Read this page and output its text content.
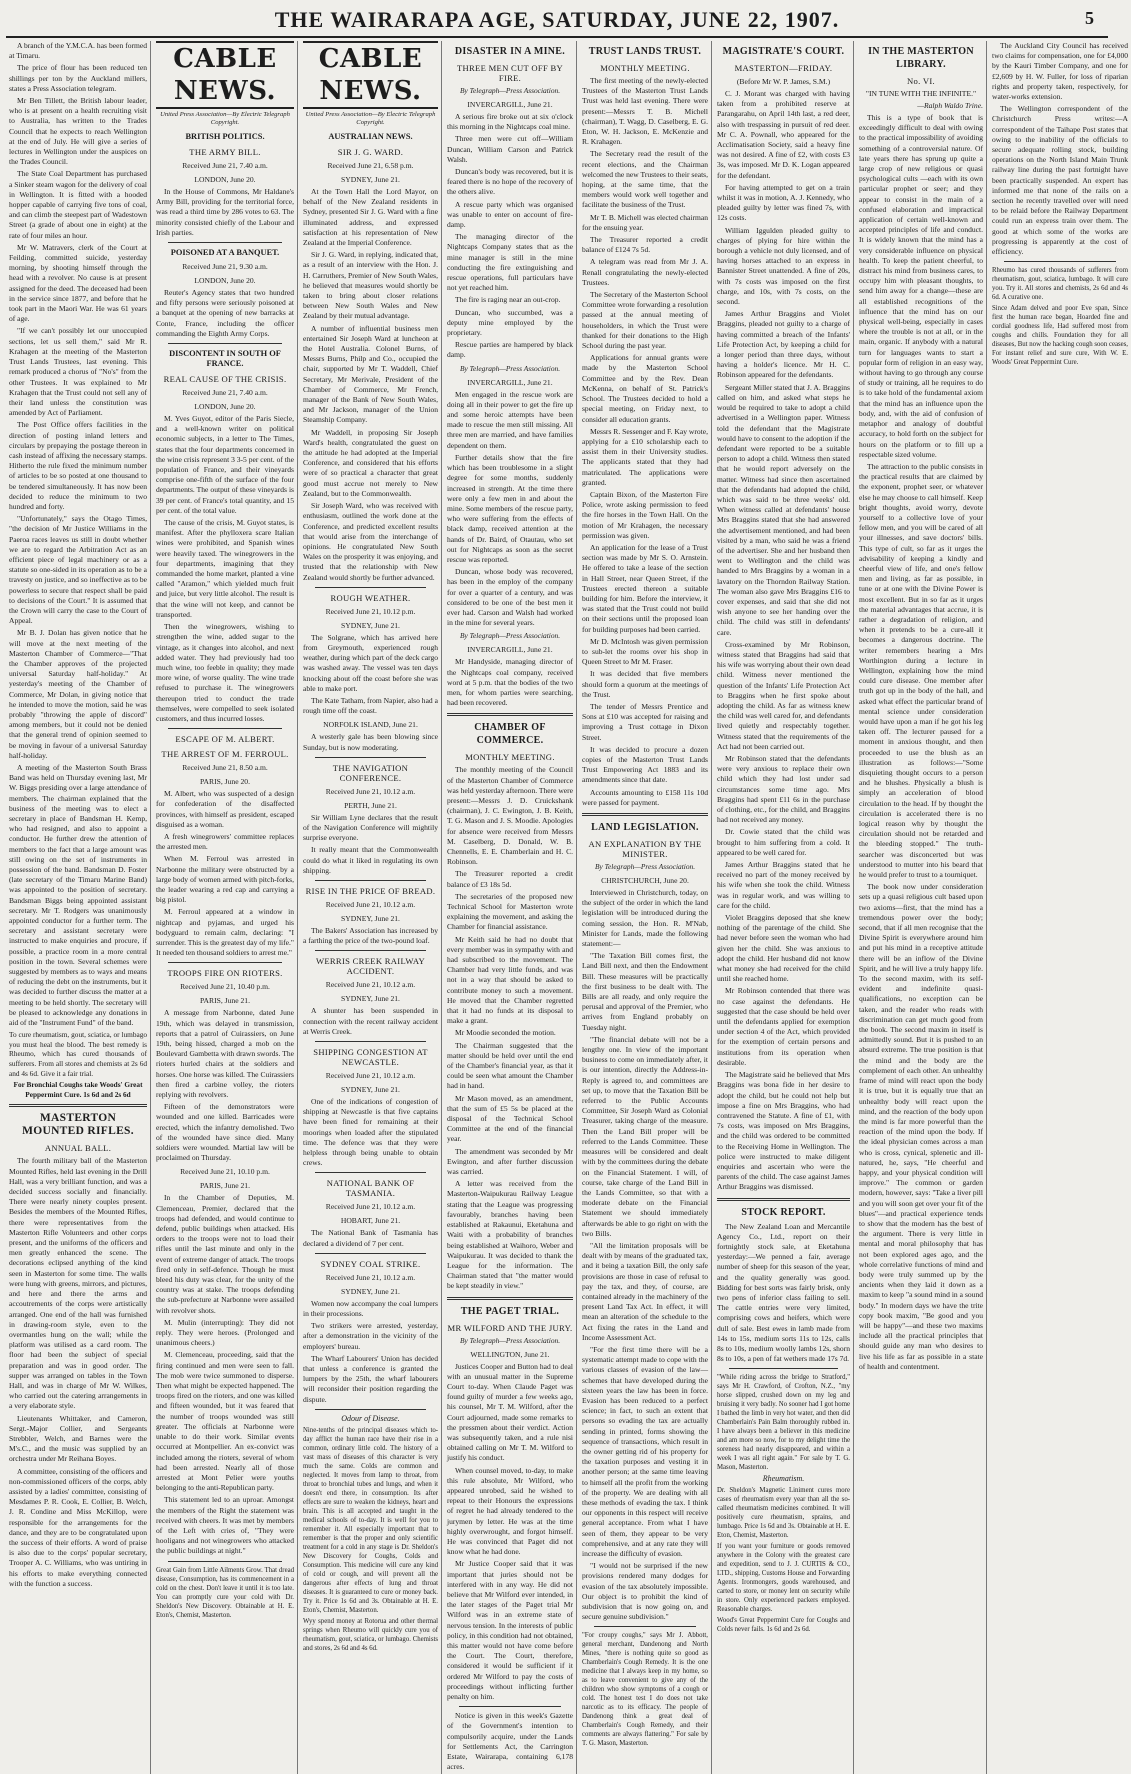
THE WAIRARAPA AGE, SATURDAY, JUNE 22, 1907.	5

A branch of the Y.M.C.A. has been formed at Timaru.

The price of flour has been reduced ten shillings per ton by the Auckland millers, states a Press Association telegram.

Mr Ben Tillett, the British labour leader, who is at present on a health recruiting visit to Australia, has written to the Trades Council that he expects to reach Wellington at the end of July. He will give a series of lectures in Wellington under the auspices on the Trades Council.

The State Coal Department has purchased a Sinker steam wagon for the delivery of coal in Wellington. It is fitted with a hooded hopper capable of carrying five tons of coal, and can climb the steepest part of Wadestown Street (a grade of about one in eight) at the rate of four miles an hour.

Mr W. Matravers, clerk of the Court at Feilding, committed suicide, yesterday morning, by shooting himself through the head with a revolver. No cause is at present assigned for the deed. The deceased had been in the service since 1877, and before that he took part in the Maori War. He was 61 years of age.

"If we can't possibly let our unoccupied sections, let us sell them," said Mr R. Krahagen at the meeting of the Masterton Trust Lands Trustees, last evening. This remark produced a chorus of "No's" from the other Trustees. It was explained to Mr Krahagen that the Trust could not sell any of their land unless the constitution was amended by Act of Parliament.

The Post Office offers facilities in the direction of posting inland letters and circulars by prepaying the postage thereon in cash instead of affixing the necessary stamps. Hitherto the rule fixed the minimum number of articles to be so posted at one thousand to be tendered simultaneously. It has now been decided to reduce the minimum to two hundred and forty.

"Unfortunately," says the Otago Times, "the decision of Mr Justice Williams in the Paeroa races leaves us still in doubt whether we are to regard the Arbitration Act as an efficient piece of legal machinery or as a statute so one-sided in its operation as to be a travesty on justice, and so ineffective as to be powerless to secure that respect shall be paid to decisions of the Court." It is assumed that the Crown will carry the case to the Court of Appeal.

Mr B. J. Dolan has given notice that he will move at the next meeting of the Masterton Chamber of Commerce—"That the Chamber approves of the projected universal Saturday half-holiday." At yesterday's meeting of the Chamber of Commerce, Mr Dolan, in giving notice that he intended to move the motion, said he was probably "throwing the apple of discord" among members, but it could not be denied that the general trend of opinion seemed to be moving in favour of a universal Saturday half-holiday.

A meeting of the Masterton South Brass Band was held on Thursday evening last, Mr W. Biggs presiding over a large attendance of members. The chairman explained that the business of the meeting was to elect a secretary in place of Bandsman H. Kemp, who had resigned, and also to appoint a conductor. He further drew the attention of members to the fact that a large amount was still owing on the set of instruments in possession of the band. Bandsman D. Foster (late secretary of the Timaru Marine Band) was appointed to the position of secretary. Bandsman Biggs being appointed assistant secretary. Mr T. Rodgers was unanimously appointed conductor for a further term. The secretary and assistant secretary were instructed to make enquiries and procure, if possible, a practice room in a more central position in the town. Several schemes were suggested by members as to ways and means of reducing the debt on the instruments, but it was decided to further discuss the matter at a meeting to be held shortly. The secretary will be pleased to acknowledge any donations in aid of the "Instrument Fund" of the band.

To cure rheumatism, gout, sciatica, or lumbago you must heal the blood. The best remedy is Rheumo, which has cured thousands of sufferers. From all stores and chemists at 2s 6d and 4s 6d. Give it a fair trial.
For Bronchial Coughs take Woods' Great Peppermint Cure. 1s 6d and 2s 6d
MASTERTON MOUNTED RIFLES.
ANNUAL BALL.

The fourth military ball of the Masterton Mounted Rifles, held last evening in the Drill Hall, was a very brilliant function, and was a decided success socially and financially. There were nearly ninety couples present. Besides the members of the Mounted Rifles, there were representatives from the Masterton Rifle Volunteers and other corps present, and the uniforms of the officers and men greatly enhanced the scene. The decorations eclipsed anything of the kind seen in Masterton for some time. The walls were hung with greens, mirrors, and pictures, and here and there the arms and accoutrements of the corps were artistically arranged. One end of the hall was furnished in drawing-room style, even to the overmantles hung on the wall; while the platform was utilised as a card room. The floor had been the subject of special preparation and was in good order. The supper was arranged on tables in the Town Hall, and was in charge of Mr W. Wilkes, who carried out the catering arrangements in a very elaborate style.

Lieutenants Whittaker, and Cameron, Sergt.-Major Collier, and Sergeants Strebbler, Welch, and Barnes were the M's.C., and the music was supplied by an orchestra under Mr Reihana Boyes.

A committee, consisting of the officers and non-commissioned officers of the corps, ably assisted by a ladies' committee, consisting of Mesdames P. R. Cook, E. Collier, B. Welch, J. R. Condine and Miss McKillop, were responsible for the arrangements for the dance, and they are to be congratulated upon the success of their efforts. A word of praise is also due to the corps' popular secretary, Trooper A. C. Williams, who was untiring in his efforts to make everything connected with the function a success.

CABLE NEWS.
United Press Association—By Electric Telegraph Copyright.
BRITISH POLITICS.
THE ARMY BILL.
Received June 21, 7.40 a.m.
LONDON, June 20.

In the House of Commons, Mr Haldane's Army Bill, providing for the territorial force, was read a third time by 286 votes to 63. The minority consisted chiefly of the Labour and Irish parties.

POISONED AT A BANQUET.
Received June 21, 9.30 a.m.
LONDON, June 20.

Reuter's Agency states that two hundred and fifty persons were seriously poisoned at a banquet at the opening of new barracks at Conte, France, including the officer commanding the Eighth Army Corps.

DISCONTENT IN SOUTH OF FRANCE.
REAL CAUSE OF THE CRISIS.
Received June 21, 7.40 a.m.
LONDON, June 20.

M. Yves Guyot, editor of the Paris Siecle, and a well-known writer on political economic subjects, in a letter to The Times, states that the four departments concerned in the wine crisis represent 3 3-5 per cent. of the population of France, and their vineyards comprise one-fifth of the surface of the four departments. The output of these vineyards is 39 per cent. of France's total quantity, and 15 per cent. of the total value.

The cause of the crisis, M. Guyot states, is manifest. After the phylloxera scare Italian wines were prohibited, and Spanish wines were heavily taxed. The winegrowers in the four departments, imagining that they commanded the home market, planted a vine called "Aramon," which yielded much fruit and juice, but very little alcohol. The result is that the wine will not keep, and cannot be transported.

Then the winegrowers, wishing to strengthen the wine, added sugar to the vintage, as it changes into alcohol, and next added water. They had previously had too much wine, too feeble in quality; they made more wine, of worse quality. The wine trade refused to purchase it. The winegrowers thereupon tried to conduct the trade themselves, were compelled to seek isolated customers, and thus incurred losses.

ESCAPE OF M. ALBERT.
THE ARREST OF M. FERROUL.
Received June 21, 8.50 a.m.
PARIS, June 20.

M. Albert, who was suspected of a design for confederation of the disaffected provinces, with himself as president, escaped disguised as a woman.

A fresh winegrowers' committee replaces the arrested men.

When M. Ferroul was arrested in Narbonne the military were obstructed by a large body of women armed with pitch-forks, the leader wearing a red cap and carrying a big pistol.

M. Ferroul appeared at a window in nightcap and pyjamas, and urged his bodyguard to remain calm, declaring: "I surrender. This is the greatest day of my life." It needed ten thousand soldiers to arrest me."

TROOPS FIRE ON RIOTERS.
Received June 21, 10.40 p.m.
PARIS, June 21.

A message from Narbonne, dated June 19th, which was delayed in transmission, reports that a patrol of Cuirassiers, on June 19th, being hissed, charged a mob on the Boulevard Gambetta with drawn swords. The rioters hurled chairs at the soldiers and horses. One horse was killed. The Cuirassiers then fired a carbine volley, the rioters replying with revolvers.

Fifteen of the demonstrators were wounded and one killed. Barricades were erected, which the infantry demolished. Two of the wounded have since died. Many soldiers were wounded. Martial law will be proclaimed on Thursday.

Received June 21, 10.10 p.m.
PARIS, June 21.

In the Chamber of Deputies, M. Clemenceau, Premier, declared that the troops had defended, and would continue to defend, public buildings when attacked. His orders to the troops were not to load their rifles until the last minute and only in the event of extreme danger of attack. The troops fired only in self-defence. Though he must bleed his duty was clear, for the unity of the country was at stake. The troops defending the sub-prefecture at Narbonne were assailed with revolver shots.

M. Mulin (interrupting): They did not reply. They were heroes. (Prolonged and unanimous cheers.)

M. Clemenceau, proceeding, said that the firing continued and men were seen to fall. The mob were twice summoned to disperse. Then what might be expected happened. The troops fired on the rioters, and one was killed and fifteen wounded, but it was feared that the number of troops wounded was still greater. The officials at Narbonne were unable to do their work. Similar events occurred at Montpellier. An ex-convict was included among the rioters, several of whom had been arrested. Nearly all of those arrested at Mont Pelier were youths belonging to the anti-Republican party.

This statement led to an uproar. Amongst the members of the Right the statement was received with cheers. It was met by members of the Left with cries of, "They were hooligans and not winegrowers who attacked the public buildings at night."

Great Gain from Little Ailments Grow. That dread disease, Consumption, has its commencement in a cold on the chest. Don't leave it until it is too late. You can promptly cure your cold with Dr. Sheldon's New Discovery. Obtainable at H. E. Eton's, Chemist, Masterton.
CABLE NEWS.
United Press Association—By Electric Telegraph Copyright.
AUSTRALIAN NEWS.
SIR J. G. WARD.
Received June 21, 6.58 p.m.
SYDNEY, June 21.

At the Town Hall the Lord Mayor, on behalf of the New Zealand residents in Sydney, presented Sir J. G. Ward with a fine illuminated address, and expressed satisfaction at his representation of New Zealand at the Imperial Conference.

Sir J. G. Ward, in replying, indicated that, as a result of an interview with the Hon. J. H. Carruthers, Premier of New South Wales, he believed that measures would shortly be taken to bring about closer relations between New South Wales and New Zealand by their mutual advantage.

A number of influential business men entertained Sir Joseph Ward at luncheon at the Hotel Australia. Colonel Burns, of Messrs Burns, Philp and Co., occupied the chair, supported by Mr T. Waddell, Chief Secretary, Mr Merivale, President of the Chamber of Commerce, Mr French, manager of the Bank of New South Wales, and Mr Jackson, manager of the Union Steamship Company.

Mr Waddell, in proposing Sir Joseph Ward's health, congratulated the guest on the attitude he had adopted at the Imperial Conference, and considered that his efforts were of so practical a character that great good must accrue not merely to New Zealand, but to the Commonwealth.

Sir Joseph Ward, who was received with enthusiasm, outlined the work done at the Conference, and predicted excellent results that would arise from the interchange of opinions. He congratulated New South Wales on the prosperity it was enjoying, and trusted that the relationship with New Zealand would shortly be further advanced.

ROUGH WEATHER.
Received June 21, 10.12 p.m.
SYDNEY, June 21.

The Solgrane, which has arrived here from Greymouth, experienced rough weather, during which part of the deck cargo was washed away. The vessel was ten days knocking about off the coast before she was able to make port.

The Kate Tatham, from Napier, also had a rough time off the coast.

NORFOLK ISLAND, June 21.

A westerly gale has been blowing since Sunday, but is now moderating.

THE NAVIGATION CONFERENCE.
Received June 21, 10.12 a.m.
PERTH, June 21.

Sir William Lyne declares that the result of the Navigation Conference will mightily surprise everyone.

It really meant that the Commonwealth could do what it liked in regulating its own shipping.

RISE IN THE PRICE OF BREAD.
Received June 21, 10.12 a.m.
SYDNEY, June 21.

The Bakers' Association has increased by a farthing the price of the two-pound loaf.

WERRIS CREEK RAILWAY ACCIDENT.
Received June 21, 10.12 a.m.
SYDNEY, June 21.

A shunter has been suspended in connection with the recent railway accident at Werris Creek.

SHIPPING CONGESTION AT NEWCASTLE.
Received June 21, 10.12 a.m.
SYDNEY, June 21.

One of the indications of congestion of shipping at Newcastle is that five captains have been fined for remaining at their moorings when loaded after the stipulated time. The defence was that they were helpless through being unable to obtain crews.

NATIONAL BANK OF TASMANIA.
Received June 21, 10.12 a.m.
HOBART, June 21.

The National Bank of Tasmania has declared a dividend of 7 per cent.

SYDNEY COAL STRIKE.
Received June 21, 10.12 a.m.
SYDNEY, June 21.

Women now accompany the coal lumpers in their processions.

Two strikers were arrested, yesterday, after a demonstration in the vicinity of the employers' bureau.

The Wharf Labourers' Union has decided that unless a conference is granted the lumpers by the 25th, the wharf labourers will reconsider their position regarding the dispute.

Odour of Disease.
Nine-tenths of the principal diseases which to-day afflict the human race have their rise in a common, ordinary little cold. The history of a vast mass of diseases of this character is very much the same. Colds are common and neglected. It moves from lamp to throat, from throat to bronchial tubes and lungs, and when it doesn't end there, in consumption. Its after effects are sure to weaken the kidneys, heart and brain. This is all accepted and taught in the medical schools of to-day. It is well for you to remember it. All especially important that to remember is that the proper and only scientific treatment for a cold in any stage is Dr. Sheldon's New Discovery for Coughs, Colds and Consumption. This medicine will cure any kind of cold or cough, and will prevent all the dangerous after effects of lung and throat diseases. It is guaranteed to cure or money back. Try it. Price 1s 6d and 3s. Obtainable at H. E. Eton's, Chemist, Masterton.
Wyy spend money at Rotorua and other thermal springs when Rheumo will quickly cure you of rheumatism, gout, sciatica, or lumbago. Chemists and stores, 2s 6d and 4s 6d.
DISASTER IN A MINE.
THREE MEN CUT OFF BY FIRE.
By Telegraph—Press Association.
INVERCARGILL, June 21.

A serious fire broke out at six o'clock this morning in the Nightcaps coal mine.

Three men were cut off—William Duncan, William Carson and Patrick Walsh.

Duncan's body was recovered, but it is feared there is no hope of the recovery of the others alive.

A rescue party which was organised was unable to enter on account of fire-damp.

The managing director of the Nightcaps Company states that as the mine manager is still in the mine conducting the fire extinguishing and rescue operations, full particulars have not yet reached him.

The fire is raging near an out-crop.

Duncan, who succumbed, was a deputy mine employed by the proprietary.

Rescue parties are hampered by black damp.

By Telegraph—Press Association.
INVERCARGILL, June 21.

Men engaged in the rescue work are doing all in their power to get the fire up and some heroic attempts have been made to rescue the men still missing. All three men are married, and have families dependent on them.

Further details show that the fire which has been troublesome in a slight degree for some months, suddenly increased in strength. At the time there were only a few men in and about the mine. Some members of the rescue party, who were suffering from the effects of black damp, received attention at the hands of Dr. Baird, of Otautau, who set out for Nightcaps as soon as the secret rescue was reported.

Duncan, whose body was recovered, has been in the employ of the company for over a quarter of a century, and was considered to be one of the best men it ever had. Carson and Walsh had worked in the mine for several years.

By Telegraph—Press Association.
INVERCARGILL, June 21.

Mr Handyside, managing director of the Nightcaps coal company, received word at 5 p.m. that the bodies of the two men, for whom parties were searching, had been recovered.

CHAMBER OF COMMERCE.
MONTHLY MEETING.

The monthly meeting of the Council of the Masterton Chamber of Commerce was held yesterday afternoon. There were present:—Messrs J. D. Cruickshank (chairman), J. C. Ewington, J. B. Keith, T. G. Mason and J. S. Moodie. Apologies for absence were received from Messrs M. Caselberg, D. Donald, W. B. Chennells, E. E. Chamberlain and H. C. Robinson.

The Treasurer reported a credit balance of £3 18s 5d.

The secretaries of the proposed new Technical School for Masterton wrote explaining the movement, and asking the Chamber for financial assistance.

Mr Keith said he had no doubt that every member was in sympathy with and had subscribed to the movement. The Chamber had very little funds, and was not in a way that should be asked to contribute money to such a movement. He moved that the Chamber regretted that it had no funds at its disposal to make a grant.

Mr Moodie seconded the motion.

The Chairman suggested that the matter should be held over until the end of the Chamber's financial year, as that it could be seen what amount the Chamber had in hand.

Mr Mason moved, as an amendment, that the sum of £5 5s be placed at the disposal of the Technical School Committee at the end of the financial year.

The amendment was seconded by Mr Ewington, and after further discussion was carried.

A letter was received from the Masterton-Waipukurau Railway League stating that the League was progressing favourably, branches having been established at Rakaunui, Eketahuna and Waiti with a probability of branches being established at Waihoro, Weber and Waipukurau. It was decided to thank the League for the information. The Chairman stated that "the matter would be kept steadily in view."

THE PAGET TRIAL.
MR WILFORD AND THE JURY.
By Telegraph—Press Association.
WELLINGTON, June 21.

Justices Cooper and Button had to deal with an unusual matter in the Supreme Court to-day. When Claude Paget was found guilty of murder a few weeks ago, his counsel, Mr T. M. Wilford, after the Court adjourned, made some remarks to the pressmen about their verdict. Action was subsequently taken, and a rule nisi obtained calling on Mr T. M. Wilford to justify his conduct.

When counsel moved, to-day, to make this rule absolute, Mr Wilford, who appeared unrobed, said he wished to repeat to their Honours the expressions of regret he had already tendered to the jurymen by letter. He was at the time highly overwrought, and forgot himself. He was convinced that Paget did not know what he had done.

Mr Justice Cooper said that it was important that juries should not be interfered with in any way. He did not believe that Mr Wilford ever intended, in the later stages of the Paget trial Mr Wilford was in an extreme state of nervous tension. In the interests of public policy, in this condition had not obtained, this matter would not have come before the Court. The Court, therefore, considered it would be sufficient if it ordered Mr Wilford to pay the costs of proceedings without inflicting further penalty on him.

Notice is given in this week's Gazette of the Government's intention to compulsorily acquire, under the Lands for Settlements Act, the Carrington Estate, Wairarapa, containing 6,178 acres.

TRUST LANDS TRUST.
MONTHLY MEETING.

The first meeting of the newly-elected Trustees of the Masterton Trust Lands Trust was held last evening. There were present:—Messrs T. B. Michell (chairman), T. Wagg, D. Caselberg, E. G. Eton, W. H. Jackson, E. McKenzie and R. Krahagen.

The Secretary read the result of the recent elections, and the Chairman welcomed the new Trustees to their seats, hoping, at the same time, that the members would work well together and facilitate the business of the Trust.

Mr T. B. Michell was elected chairman for the ensuing year.

The Treasurer reported a credit balance of £124 7s 5d.

A telegram was read from Mr J. A. Renall congratulating the newly-elected Trustees.

The Secretary of the Masterton School Committee wrote forwarding a resolution passed at the annual meeting of householders, in which the Trust were thanked for their donations to the High School during the past year.

Applications for annual grants were made by the Masterton School Committee and by the Rev. Dean McKenna, on behalf of St. Patrick's School. The Trustees decided to hold a special meeting, on Friday next, to consider all education grants.

Messrs R. Sessenger and F. Kay wrote, applying for a £10 scholarship each to assist them in their University studies. The applicants stated that they had matriculated. The applications were granted.

Captain Bixon, of the Masterton Fire Police, wrote asking permission to feed the fire horses in the Town Hall. On the motion of Mr Krahagen, the necessary permission was given.

An application for the lease of a Trust section was made by Mr S. O. Arnstein. He offered to take a lease of the section in Hall Street, near Queen Street, if the Trustees erected thereon a suitable building for him. Before the interview, it was stated that the Trust could not build on their sections until the proposed loan for building purposes had been carried.

Mr D. McIntosh was given permission to sub-let the rooms over his shop in Queen Street to Mr M. Fraser.

It was decided that five members should form a quorum at the meetings of the Trust.

The tender of Messrs Prentice and Sons at £10 was accepted for raising and improving a Trust cottage in Dixon Street.

It was decided to procure a dozen copies of the Masterton Trust Lands Trust Empowering Act 1883 and its amendments since that date.

Accounts amounting to £158 11s 10d were passed for payment.

LAND LEGISLATION.
AN EXPLANATION BY THE MINISTER.
By Telegraph—Press Association.
CHRISTCHURCH, June 20.

Interviewed in Christchurch, today, on the subject of the order in which the land legislation will be introduced during the coming session, the Hon. R. M'Nab, Minister for Lands, made the following statement:—

"The Taxation Bill comes first, the Land Bill next, and then the Endowment Bill. These measures will be practically the first business to be dealt with. The Bills are all ready, and only require the perusal and approval of the Premier, who arrives from England probably on Tuesday night.

"The financial debate will not be a lengthy one. In view of the important business to come on immediately after, it is our intention, directly the Address-in-Reply is agreed to, and committees are set up, to move that the Taxation Bill be referred to the Public Accounts Committee, Sir Joseph Ward as Colonial Treasurer, taking charge of the measure. Then the Land Bill proper will be referred to the Lands Committee. These measures will be considered and dealt with by the committees during the debate on the Financial Statement. I will, of course, take charge of the Land Bill in the Lands Committee, so that with a moderate debate on the Financial Statement we should immediately afterwards be able to go right on with the two Bills.

"All the limitation proposals will be dealt with by means of the graduated tax, and it being a taxation Bill, the only safe provisions are those in case of refusal to pay the tax, and they, of course, are contained already in the machinery of the present Land Tax Act. In effect, it will mean an alteration of the schedule to the Act fixing the rates in the Land and Income Assessment Act.

"For the first time there will be a systematic attempt made to cope with the various classes of evasion of the law—schemes that have developed during the sixteen years the law has been in force. Evasion has been reduced to a perfect science; in fact, to such an extent that persons so evading the tax are actually sending in printed, forms showing the sequence of transactions, which result in the owner getting rid of his property for the taxation purposes and vesting it in another person; at the same time leaving to himself all the profit from the working of the property. We are dealing with all these methods of evading the tax. I think our opponents in this respect will receive general acceptance. From what I have seen of them, they appear to be very comprehensive, and at any rate they will increase the difficulty of evasion.

"I would not be surprised if the new provisions rendered many dodges for evasion of the tax absolutely impossible. Our object is to prohibit the kind of subdivision that is now going on, and secure genuine subdivision."

"For croupy coughs," says Mr J. Abbott, general merchant, Dandenong and North Mines, "there is nothing quite so good as Chamberlain's Cough Remedy. It is the one medicine that I always keep in my home, so as to leave convenient to give any of the children who show symptoms of a cough or cold. The honest test I do does not take narcotic as to its efficacy. The people of Dandenong think a great deal of Chamberlain's Cough Remedy, and their comments are always flattering." For sale by T. G. Mason, Masterton.
MAGISTRATE'S COURT.
MASTERTON—FRIDAY.
(Before Mr W. P. James, S.M.)

C. J. Morant was charged with having taken from a prohibited reserve at Parangarahu, on April 14th last, a red deer, also with trespassing in pursuit of red deer. Mr C. A. Pownall, who appeared for the Acclimatisation Society, said a heavy fine was not desired. A fine of £2, with costs £3 3s, was imposed. Mr D. K. Logan appeared for the defendant.

For having attempted to get on a train whilst it was in motion, A. J. Kennedy, who pleaded guilty by letter was fined 7s, with 12s costs.

William Iggulden pleaded guilty to charges of plying for hire within the borough a vehicle not duly licensed, and of having horses attached to an express in Bannister Street unattended. A fine of 20s, with 7s costs was imposed on the first charge, and 10s, with 7s costs, on the second.

James Arthur Braggins and Violet Braggins, pleaded not guilty to a charge of having committed a breach of the Infants' Life Protection Act, by keeping a child for a longer period than three days, without having a holder's licence. Mr H. C. Robinson appeared for the defendants.

Sergeant Miller stated that J. A. Braggins called on him, and asked what steps he would be required to take to adopt a child advertised in a Wellington paper. Witness told the defendant that the Magistrate would have to consent to the adoption if the defendant were reported to be a suitable person to adopt a child. Witness then stated that he would report adversely on the matter. Witness had since then ascertained that the defendants had adopted the child, which was said to be three weeks' old. When witness called at defendants' house Mrs Braggins stated that she had answered the advertisement mentioned, and had been visited by a man, who said he was a friend of the advertiser. She and her husband then went to Wellington and the child was handed to Mrs Braggins by a woman in a lavatory on the Thorndon Railway Station. The woman also gave Mrs Braggins £16 to cover expenses, and said that she did not wish anyone to see her handing over the child. The child was still in defendants' care.

Cross-examined by Mr Robinson, witness stated that Braggins had said that his wife was worrying about their own dead child. Witness never mentioned the question of the Infants' Life Protection Act to Braggins when he first spoke about adopting the child. As far as witness knew the child was well cared for, and defendants lived quietly and respectably together. Witness stated that the requirements of the Act had not been carried out.

Mr Robinson stated that the defendants were very anxious to replace their own child which they had lost under sad circumstances some time ago. Mrs Braggins had spent £11 6s in the purchase of clothing, etc., for the child, and Braggins had not received any money.

Dr. Cowie stated that the child was brought to him suffering from a cold. It appeared to be well cared for.

James Arthur Braggins stated that he received no part of the money received by his wife when she took the child. Witness was in regular work, and was willing to care for the child.

Violet Braggins deposed that she knew nothing of the parentage of the child. She had never before seen the woman who had given her the child. She was anxious to adopt the child. Her husband did not know what money she had received for the child until she reached home.

Mr Robinson contended that there was no case against the defendants. He suggested that the case should be held over until the defendants applied for exemption under section 4 of the Act, which provided for the exemption of certain persons and institutions from its operation when desirable.

The Magistrate said he believed that Mrs Braggins was bona fide in her desire to adopt the child, but he could not help but impose a fine on Mrs Braggins, who had contravened the Statute. A fine of £1, with 7s costs, was imposed on Mrs Braggins, and the child was ordered to be committed to the Receiving Home in Wellington. The police were instructed to make diligent enquiries and ascertain who were the parents of the child. The case against James Arthur Braggins was dismissed.

STOCK REPORT.

The New Zealand Loan and Mercantile Agency Co., Ltd., report on their fortnightly stock sale, at Eketahuna yesterday:—We penned a fair, average number of sheep for this season of the year, and the quality generally was good. Bidding for best sorts was fairly brisk, only two pens of inferior class failing to sell. The cattle entries were very limited, comprising cows and heifers, which were dull of sale. Best ewes in lamb made from 14s to 15s, medium sorts 11s to 12s, calls 8s to 10s, medium woolly lambs 12s, shorn 8s to 10s, a pen of fat wethers made 17s 7d.

"While riding across the bridge to Stratford," says Mr H. Crawford, of Crofton, N.Z., "my horse slipped, crushed down on my leg and bruising it very badly. No sooner had I got home I bathed the limb in very hot water, and then did Chamberlain's Pain Balm thoroughly rubbed in. I have always been a believer in this medicine and am more so now, for to my delight time the soreness had nearly disappeared, and within a week I was all right again." For sale by T. G. Mason, Masterton.
Rheumatism.
Dr. Sheldon's Magnetic Liniment cures more cases of rheumatism every year than all the so-called rheumatism medicines combined. It will positively cure rheumatism, sprains, and lumbago. Price 1s 6d and 3s. Obtainable at H. E. Eton, Chemist, Masterton.
If you want your furniture or goods removed anywhere in the Colony with the greatest care and expedition, send to J. J. CURTIS & CO., LTD., shipping, Customs House and Forwarding Agents. Ironmongers, goods warehoused, and carted to store, or money lent on security while in store. Only experienced packers employed. Reasonable charges.
Wood's Great Peppermint Cure for Coughs and Colds never fails. 1s 6d and 2s 6d.
IN THE MASTERTON LIBRARY.
No. VI.
"IN TUNE WITH THE INFINITE."
—Ralph Waldo Trine.

This is a type of book that is exceedingly difficult to deal with owing to the practical impossibility of avoiding something of a controversial nature. Of late years there has sprung up quite a large crop of new religious or quasi psychological cults —each with its own particular prophet or seer; and they appear to consist in the main of a confused elaboration and impractical application of certain well-known and accepted principles of life and conduct. It is widely known that the mind has a very considerable influence on physical health. To keep the patient cheerful, to distract his mind from business cares, to occupy him with pleasant thoughts, to send him away for a change—these are all established recognitions of the influence that the mind has on our physical well-being, especially in cases where the trouble is not at all, or in the main, organic. If anybody with a natural turn for languages wants to start a popular form of religion in an easy way, without having to go through any course of study or training, all he requires to do is to take hold of the fundamental axiom that the mind has an influence upon the body, and, with the aid of confusion of metaphor and analogy of doubtful accuracy, to hold forth on the subject for hours on the platform or to fill up a respectable sized volume.

The attraction to the public consists in the practical results that are claimed by the exponent, prophet seer, or whatever else he may choose to call himself. Keep bright thoughts, avoid worry, devote yourself to a collective love of your fellow men, and you will be cared of all your illnesses, and save doctors' bills. This type of cult, so far as it urges the advisability of keeping a kindly and cheerful view of life, and one's fellow men and living, as far as possible, in tune or at one with the Divine Power is most excellent. But in so far as it urges the material advantages that accrue, it is rather a degradation of religion, and when it pretends to be a cure-all it becomes a dangerous doctrine. The writer remembers hearing a Mrs Worthington during a lecture in Wellington, explaining how the mind could cure disease. One member after truth got up in the body of the hall, and asked what effect the particular brand of mental science under consideration would have upon a man if he got his leg taken off. The lecturer paused for a moment in anxious thought, and then proceeded to use the blush as an illustration as follows:—"Some disquieting thought occurs to a person and he blushes. Physically a blush is simply an acceleration of blood circulation to the head. If by thought the circulation is accelerated there is no logical reason why by thought the circulation should not be retarded and the bleeding stopped." The truth-searcher was disconcerted but was understood to mutter into his beard that he would prefer to trust to a tourniquet.

The book now under consideration sets up a quasi religious cult based upon two axioms—first, that the mind has a tremendous power over the body; second, that if all men recognise that the Divine Spirit is everywhere around him and put his mind in a receptive attitude there will be an inflow of the Divine Spirit, and he will live a truly happy life. To the second maxim, with its self-evident and indefinite quasi-qualifications, no exception can be taken, and the reader who reads with discrimination can get much good from the book. The second maxim in itself is admittedly sound. But it is pushed to an absurd extreme. The true position is that the mind and the body are the complement of each other. An unhealthy frame of mind will react upon the body it is true, but it is equally true that an unhealthy body will react upon the mind, and the reaction of the body upon the mind is far more powerful than the reaction of the mind upon the body. If the ideal physician comes across a man who is cross, cynical, splenetic and ill-natured, he, says, "He cheerful and happy, and your physical condition will improve." The common or garden modern, however, says: "Take a liver pill and you will soon get over your fit of the blues"—and practical experience tends to show that the modern has the best of the argument. There is very little in mental and moral philosophy that has not been explored ages ago, and the whole correlative functions of mind and body were truly summed up by the ancients when they laid it down as a maxim to keep "a sound mind in a sound body." In modern days we have the trite copy book maxim, "Be good and you will be happy"—and these two maxims include all the practical principles that should guide any man who desires to live his life as far as possible in a state of health and contentment.

The Auckland City Council has received two claims for compensation, one for £4,000 by the Kauri Timber Company, and one for £2,609 by H. W. Fuller, for loss of riparian rights and property taken, respectively, for water-works extension.

The Wellington correspondent of the Christchurch Press writes:—A correspondent of the Taihape Post states that owing to the inability of the officials to secure adequate rolling stock, building operations on the North Island Main Trunk railway line during the past fortnight have been practically suspended. An expert has informed me that none of the rails on a section he recently travelled over will need to be relaid before the Railway Department could run an express train over them. The good at which some of the works are progressing is apparently at the cost of efficiency.

Rheumo has cured thousands of sufferers from rheumatism, gout, sciatica, lumbago. It will cure you. Try it. All stores and chemists, 2s 6d and 4s 6d. A curative one.
Since Adam delved and poor Eve span, Since first the human race began, Hoarded fine and cordial goodness life, Had suffered most from coughs and chills. Foundation they for all diseases, But now the hacking cough soon ceases, For instant relief and sure cure, With W. E. Woods' Great Peppermint Cure.
